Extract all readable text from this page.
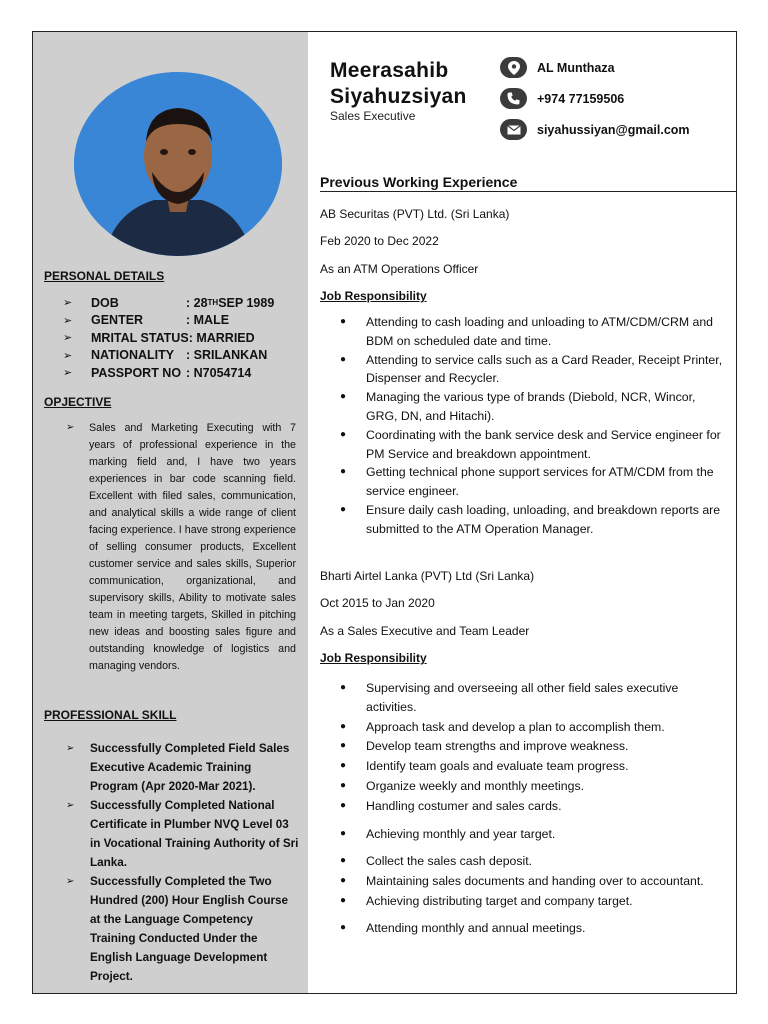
PERSONAL DETAILS
➢	DOB	: 28 TH SEP 1989
➢	GENTER	: MALE
➢	MRITAL STATUS : MARRIED
➢	NATIONALITY : SRILANKAN
➢	PASSPORT NO : N7054714
OPJECTIVE
➢	Sales and Marketing Executing with 7 years of professional experience in the marking field and, I have two years experiences in bar code scanning field. Excellent with filed sales, communication, and analytical skills a wide range of client facing experience. I have strong experience of selling consumer products, Excellent customer service and sales skills, Superior communication, organizational, and supervisory skills, Ability to motivate sales team in meeting targets, Skilled in pitching new ideas and boosting sales figure and outstanding knowledge of logistics and managing vendors.

PROFESSIONAL SKILL
➢	Successfully Completed Field Sales Executive Academic Training Program (Apr 2020-Mar 2021).
➢	Successfully Completed National Certificate in Plumber NVQ Level 03 in Vocational Training Authority of Sri Lanka.
➢	Successfully Completed the Two Hundred (200) Hour English Course at the Language Competency Training Conducted Under the English Language Development Project.
Meerasahib
Siyahuzsiyan
Sales Executive
AL Munthaza
+974 77159506
siyahussiyan@gmail.com
Previous Working Experience
AB Securitas (PVT) Ltd. (Sri Lanka)
Feb 2020 to Dec 2022
As an ATM Operations Officer
Job Responsibility
●	Attending to cash loading and unloading to ATM/CDM/CRM and BDM on scheduled date and time.
●	Attending to service calls such as a Card Reader, Receipt Printer, Dispenser and Recycler.
●	Managing the various type of brands (Diebold, NCR, Wincor, GRG, DN, and Hitachi).
●	Coordinating with the bank service desk and Service engineer for PM Service and breakdown appointment.
●	Getting technical phone support services for ATM/CDM from the service engineer.
●	Ensure daily cash loading, unloading, and breakdown reports are submitted to the ATM Operation Manager.
Bharti Airtel Lanka (PVT) Ltd (Sri Lanka)
Oct 2015 to Jan 2020
As a Sales Executive and Team Leader
Job Responsibility
●	Supervising and overseeing all other field sales executive activities.
●	Approach task and develop a plan to accomplish them.
●	Develop team strengths and improve weakness.
●	Identify team goals and evaluate team progress.
●	Organize weekly and monthly meetings.
●	Handling costumer and sales cards.
●	Achieving monthly and year target.
●	Collect the sales cash deposit.
●	Maintaining sales documents and handing over to accountant.
●	Achieving distributing target and company target.
●	Attending monthly and annual meetings.
